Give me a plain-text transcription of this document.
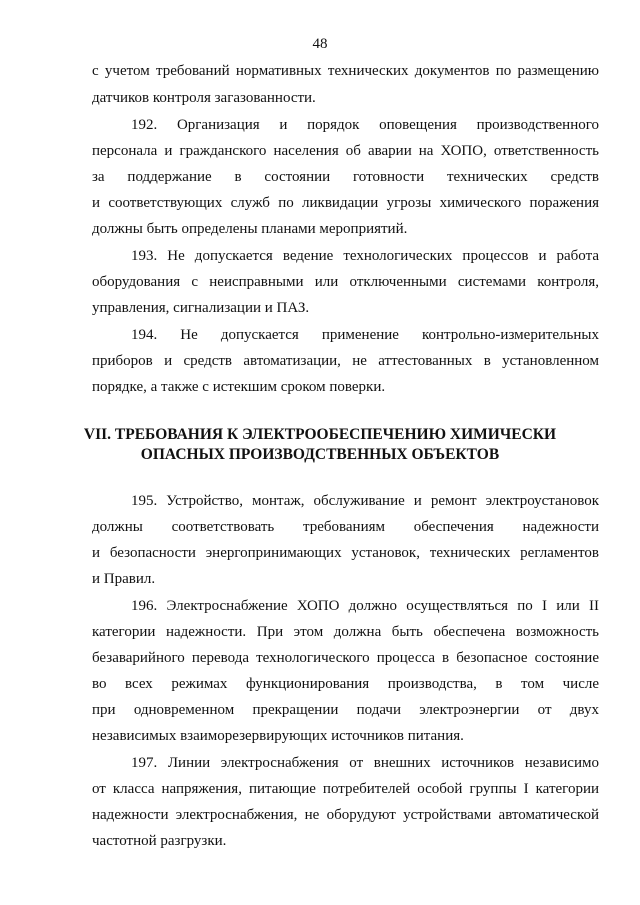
48
с учетом требований нормативных технических документов по размещению
датчиков контроля загазованности.
192. Организация и порядок оповещения производственного
персонала и гражданского населения об аварии на ХОПО, ответственность
за поддержание в состоянии готовности технических средств
и соответствующих служб по ликвидации угрозы химического поражения
должны быть определены планами мероприятий.
193. Не допускается ведение технологических процессов и работа
оборудования с неисправными или отключенными системами контроля,
управления, сигнализации и ПАЗ.
194. Не допускается применение контрольно-измерительных
приборов и средств автоматизации, не аттестованных в установленном
порядке, а также с истекшим сроком поверки.
VII. ТРЕБОВАНИЯ К ЭЛЕКТРООБЕСПЕЧЕНИЮ ХИМИЧЕСКИ
ОПАСНЫХ ПРОИЗВОДСТВЕННЫХ ОБЪЕКТОВ
195. Устройство, монтаж, обслуживание и ремонт электроустановок
должны соответствовать требованиям обеспечения надежности
и безопасности энергопринимающих установок, технических регламентов
и Правил.
196. Электроснабжение ХОПО должно осуществляться по I или II
категории надежности. При этом должна быть обеспечена возможность
безаварийного перевода технологического процесса в безопасное состояние
во всех режимах функционирования производства, в том числе
при одновременном прекращении подачи электроэнергии от двух
независимых взаиморезервирующих источников питания.
197. Линии электроснабжения от внешних источников независимо
от класса напряжения, питающие потребителей особой группы I категории
надежности электроснабжения, не оборудуют устройствами автоматической
частотной разгрузки.
